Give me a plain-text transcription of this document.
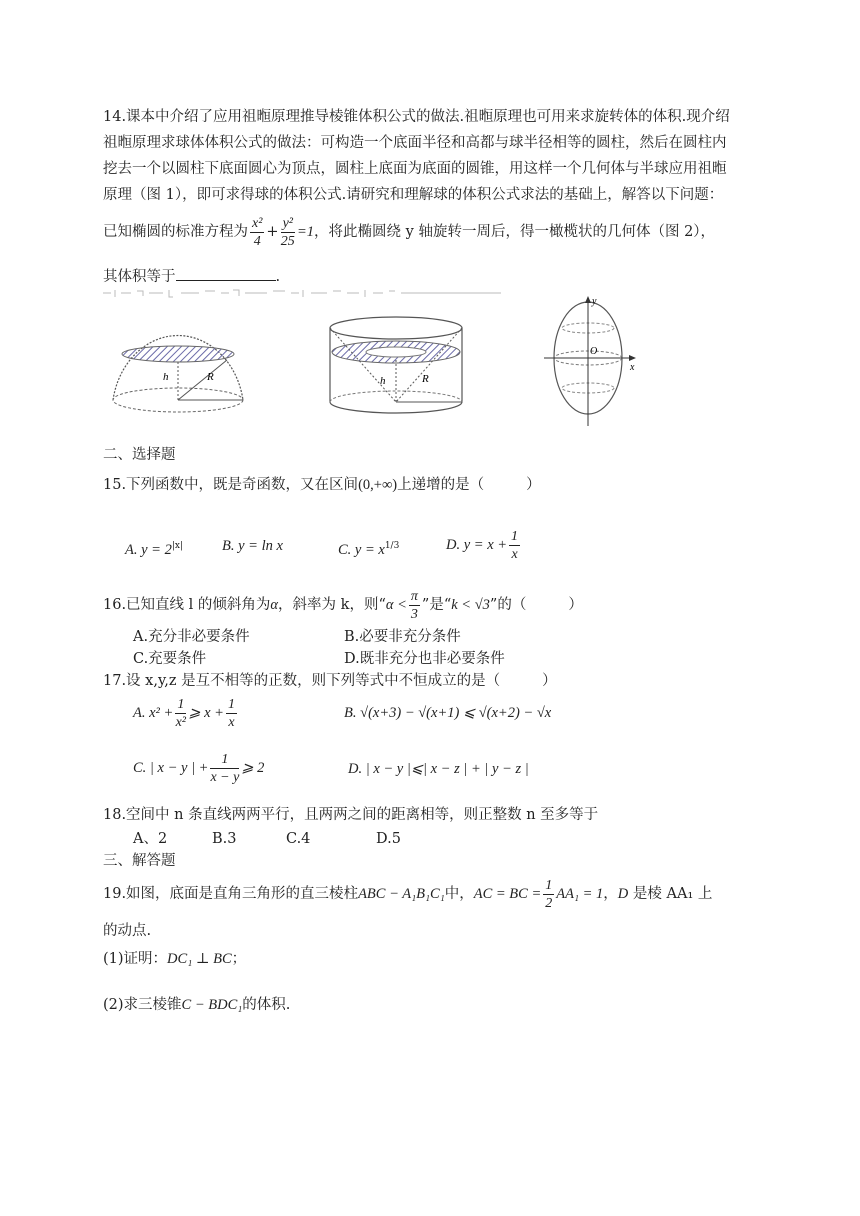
14.课本中介绍了应用祖暅原理推导棱锥体积公式的做法.祖暅原理也可用来求旋转体的体积.现介绍
祖暅原理求球体体积公式的做法：可构造一个底面半径和高都与球半径相等的圆柱，然后在圆柱内
挖去一个以圆柱下底面圆心为顶点，圆柱上底面为底面的圆锥，用这样一个几何体与半球应用祖暅
原理（图 1），即可求得球的体积公式.请研究和理解球的体积公式求法的基础上，解答以下问题：
已知椭圆的标准方程为 $\frac{\text{x²}}{4} + \frac{\text{y²}}{25} =1$，将此椭圆绕 y 轴旋转一周后，得一橄榄状的几何体（图 2），
其体积等于	.
h	R	h	R
y
O
x
二、选择题
15.下列函数中，既是奇函数，又在区间(0,+∞)上递增的是（	）
A. $y = 2^{|x|}$	B. y = ln x	C. $y = x^{1/3}$	D. $y = x + \frac{1}{x}$
16.已知直线 l 的倾斜角为α，斜率为 k，则“$\alpha < \frac{\pi}{3}$ ”是“k < √3”的（	）
A.充分非必要条件	B.必要非充分条件
C.充要条件	D.既非充分也非必要条件
17.设 x,y,z 是互不相等的正数，则下列等式中不恒成立的是（	）
A. $x^2 + \frac{1}{\text{x²}}$ ⩾ $x + \frac{1}{x}$	B. √(x+3) − √(x+1) ⩽ √(x+2) − √x
C. | x − y | + $\frac{1}{x - y}$ ⩾ 2	D. | x − y |⩽| x − z | + | y − z |
18.空间中 n 条直线两两平行，且两两之间的距离相等，则正整数 n 至多等于
A、2	B.3	C.4	D.5
三、解答题
19.如图，底面是直角三角形的直三棱柱ABC − A₁B₁C₁中，AC = BC = $\frac{1}{2} AA_1 = 1$，D 是棱 AA₁ 上
的动点.
(1)证明：DC₁ ⊥ BC；
(2)求三棱锥C − BDC₁的体积.
